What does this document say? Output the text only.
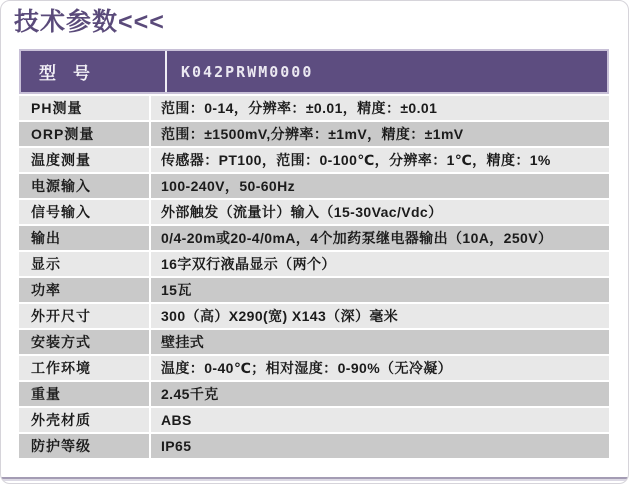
技术参数<<<
型　号	K042PRWM0000
PH测量	范围：0-14，分辨率：±0.01，精度：±0.01
ORP测量	范围：±1500mV,分辨率：±1mV，精度：±1mV
温度测量	传感器：PT100，范围：0-100℃，分辨率：1℃，精度：1%
电源输入	100-240V，50-60Hz
信号输入	外部触发（流量计）输入（15-30Vac/Vdc）
输出	0/4-20m或20-4/0mA，4个加药泵继电器输出（10A，250V）
显示	16字双行液晶显示（两个）
功率	15瓦
外开尺寸	300（高）X290(宽) X143（深）毫米
安装方式	壁挂式
工作环境	温度：0-40℃；相对湿度：0-90%（无冷凝）
重量	2.45千克
外壳材质	ABS
防护等级	IP65
